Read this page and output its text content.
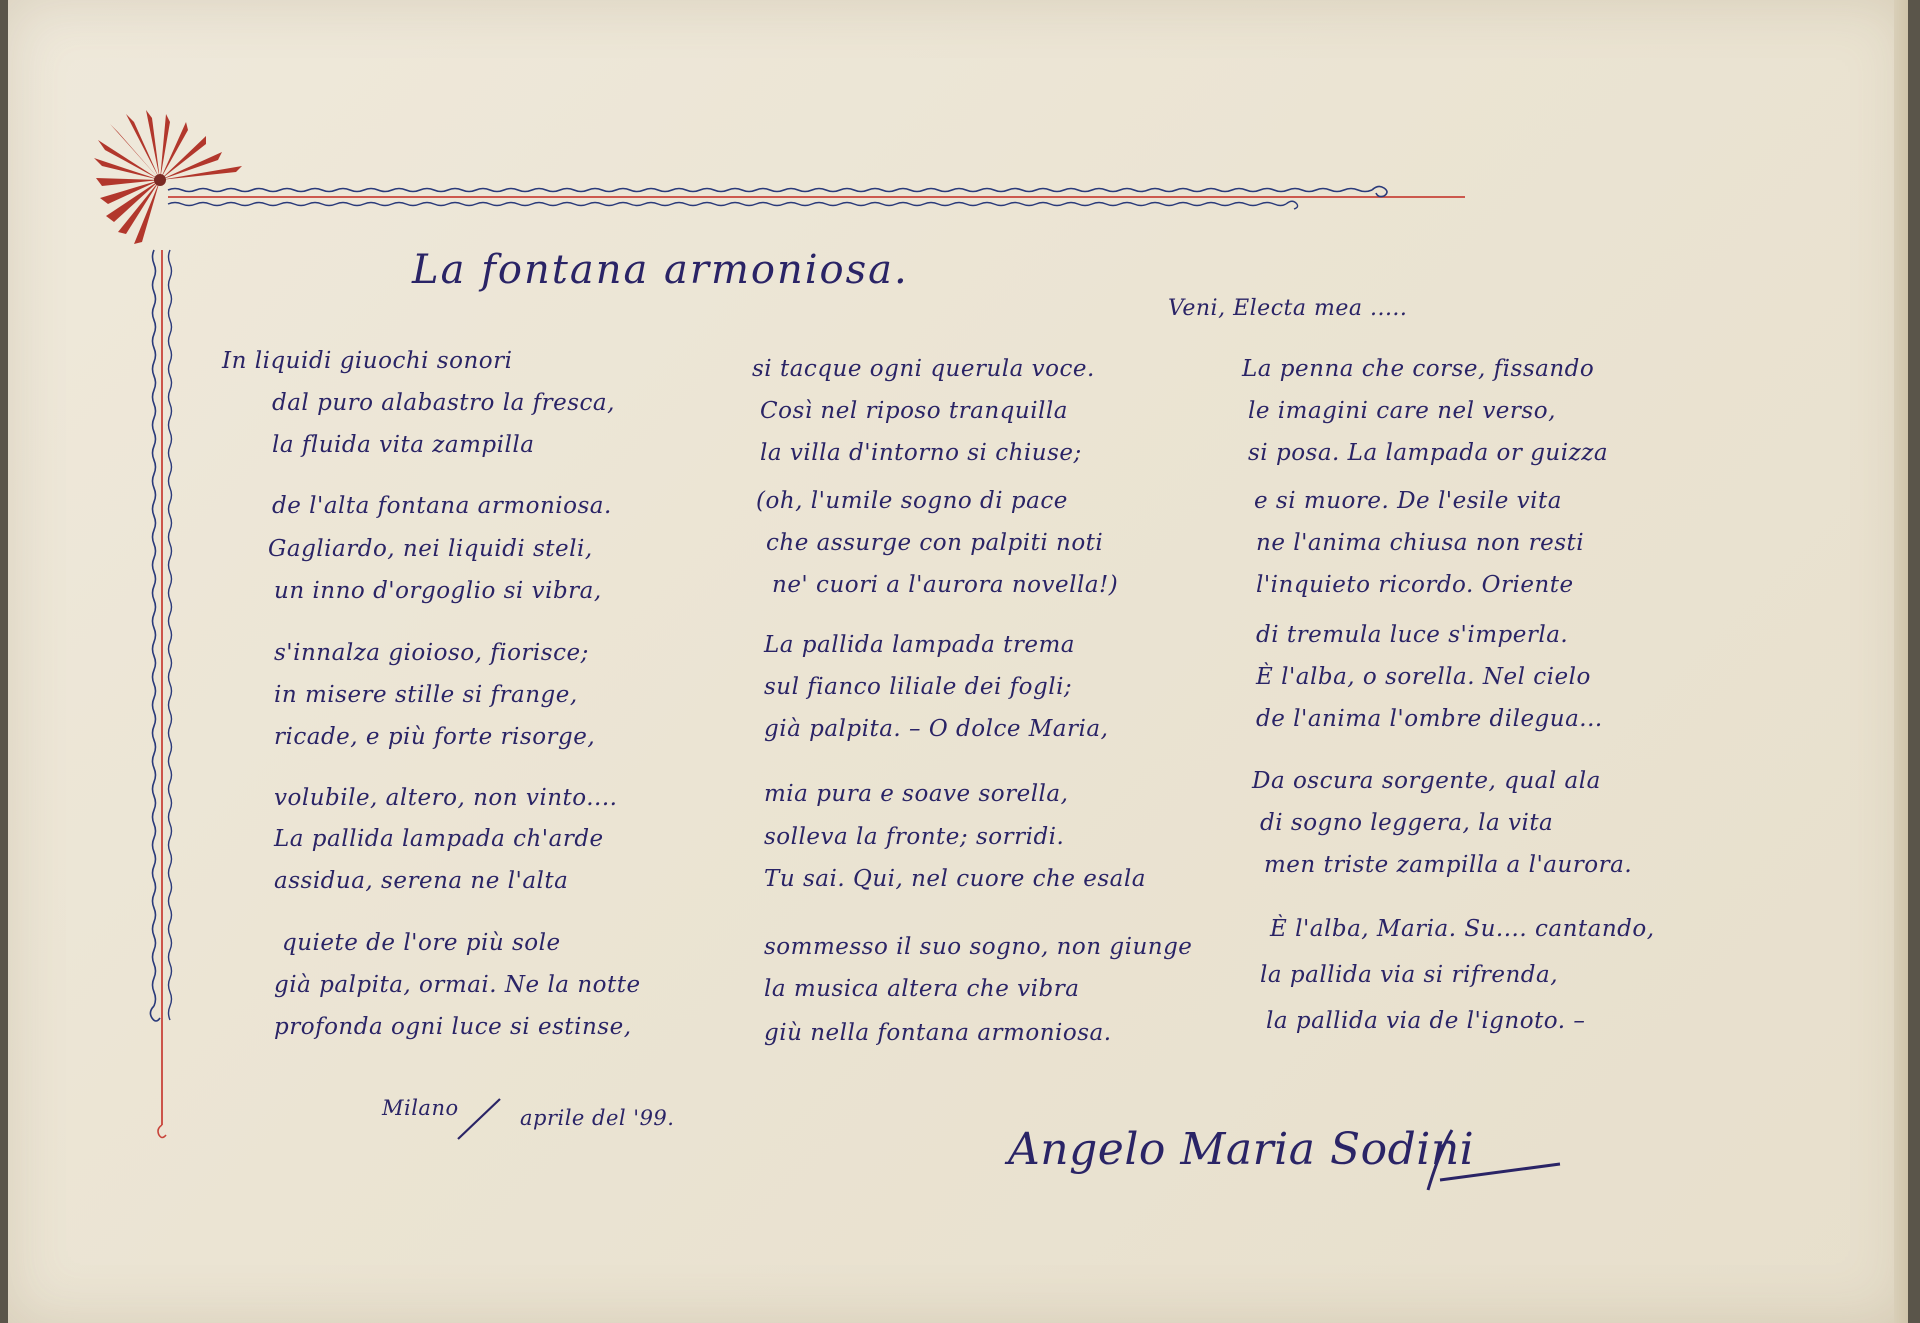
La fontana armoniosa.
Veni, Electa mea .....
In liquidi giuochi sonori
dal puro alabastro la fresca,
la fluida vita zampilla
de l'alta fontana armoniosa.
Gagliardo, nei liquidi steli,
un inno d'orgoglio si vibra,
s'innalza gioioso, fiorisce;
in misere stille si frange,
ricade, e più forte risorge,
volubile, altero, non vinto....
La pallida lampada ch'arde
assidua, serena ne l'alta
quiete de l'ore più sole
già palpita, ormai. Ne la notte
profonda ogni luce si estinse,
si tacque ogni querula voce.
Così nel riposo tranquilla
la villa d'intorno si chiuse;
(oh, l'umile sogno di pace
che assurge con palpiti noti
ne' cuori a l'aurora novella!)
La pallida lampada trema
sul fianco liliale dei fogli;
già palpita. – O dolce Maria,
mia pura e soave sorella,
solleva la fronte; sorridi.
Tu sai. Qui, nel cuore che esala
sommesso il suo sogno, non giunge
la musica altera che vibra
giù nella fontana armoniosa.
La penna che corse, fissando
le imagini care nel verso,
si posa. La lampada or guizza
e si muore. De l'esile vita
ne l'anima chiusa non resti
l'inquieto ricordo. Oriente
di tremula luce s'imperla.
È l'alba, o sorella. Nel cielo
de l'anima l'ombre dilegua...
Da oscura sorgente, qual ala
di sogno leggera, la vita
men triste zampilla a l'aurora.
È l'alba, Maria. Su.... cantando,
la pallida via si rifrenda,
la pallida via de l'ignoto. –
Milano	aprile del '99.
Angelo Maria Sodini
